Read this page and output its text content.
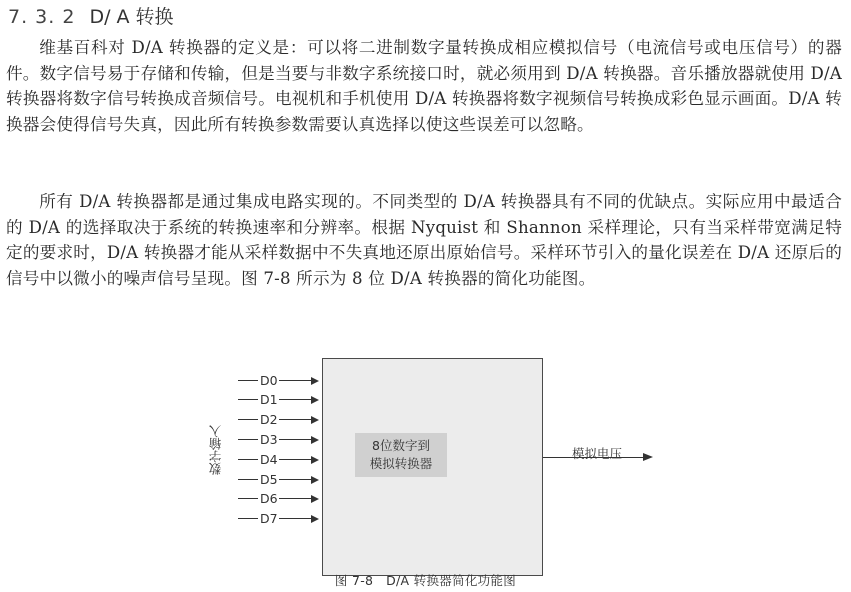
7. 3. 2 D/ A 转换

维基百科对 D/A 转换器的定义是：可以将二进制数字量转换成相应模拟信号（电流信号或电压信号）的器件。数字信号易于存储和传输，但是当要与非数字系统接口时，就必须用到 D/A 转换器。音乐播放器就使用 D/A 转换器将数字信号转换成音频信号。电视机和手机使用 D/A 转换器将数字视频信号转换成彩色显示画面。D/A 转换器会使得信号失真，因此所有转换参数需要认真选择以使这些误差可以忽略。

所有 D/A 转换器都是通过集成电路实现的。不同类型的 D/A 转换器具有不同的优缺点。实际应用中最适合的 D/A 的选择取决于系统的转换速率和分辨率。根据 Nyquist 和 Shannon 采样理论，只有当采样带宽满足特定的要求时，D/A 转换器才能从采样数据中不失真地还原出原始信号。采样环节引入的量化误差在 D/A 还原后的信号中以微小的噪声信号呈现。图 7-8 所示为 8 位 D/A 转换器的简化功能图。

8位数字到
模拟转换器
D0
D1
D2
D3
D4
D5
D6
D7
数字输入	模拟电压
图 7-8　D/A 转换器简化功能图
